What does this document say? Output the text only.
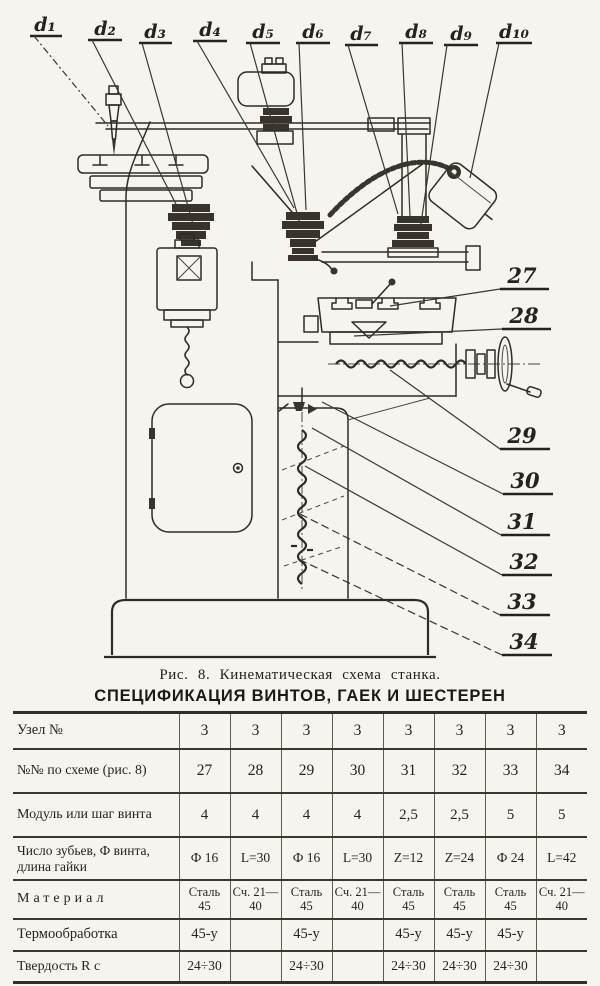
d₁ d₂ d₃ d₄ d₅ d₆ d₇ d₈ d₉ d₁₀
27
28
29
30
31
32
33
34
Рис. 8. Кинематическая схема станка.
СПЕЦИФИКАЦИЯ ВИНТОВ, ГАЕК И ШЕСТЕРЕН
Узел №	3	3	3	3	3	3	3	3
№№ по схеме (рис. 8)	27	28	29	30	31	32	33	34
Модуль или шаг винта	4	4	4	4	2,5	2,5	5	5
Число зубьев, Ф винта, длина гайки	Ф 16	L=30	Ф 16	L=30	Z=12	Z=24	Ф 24	L=42
Материал	Сталь 45	Сч. 21—40	Сталь 45	Сч. 21—40	Сталь 45	Сталь 45	Сталь 45	Сч. 21—40
Термообработка	45-у		45-у		45-у	45-у	45-у	
Твердость R с	24÷30		24÷30		24÷30	24÷30	24÷30	
